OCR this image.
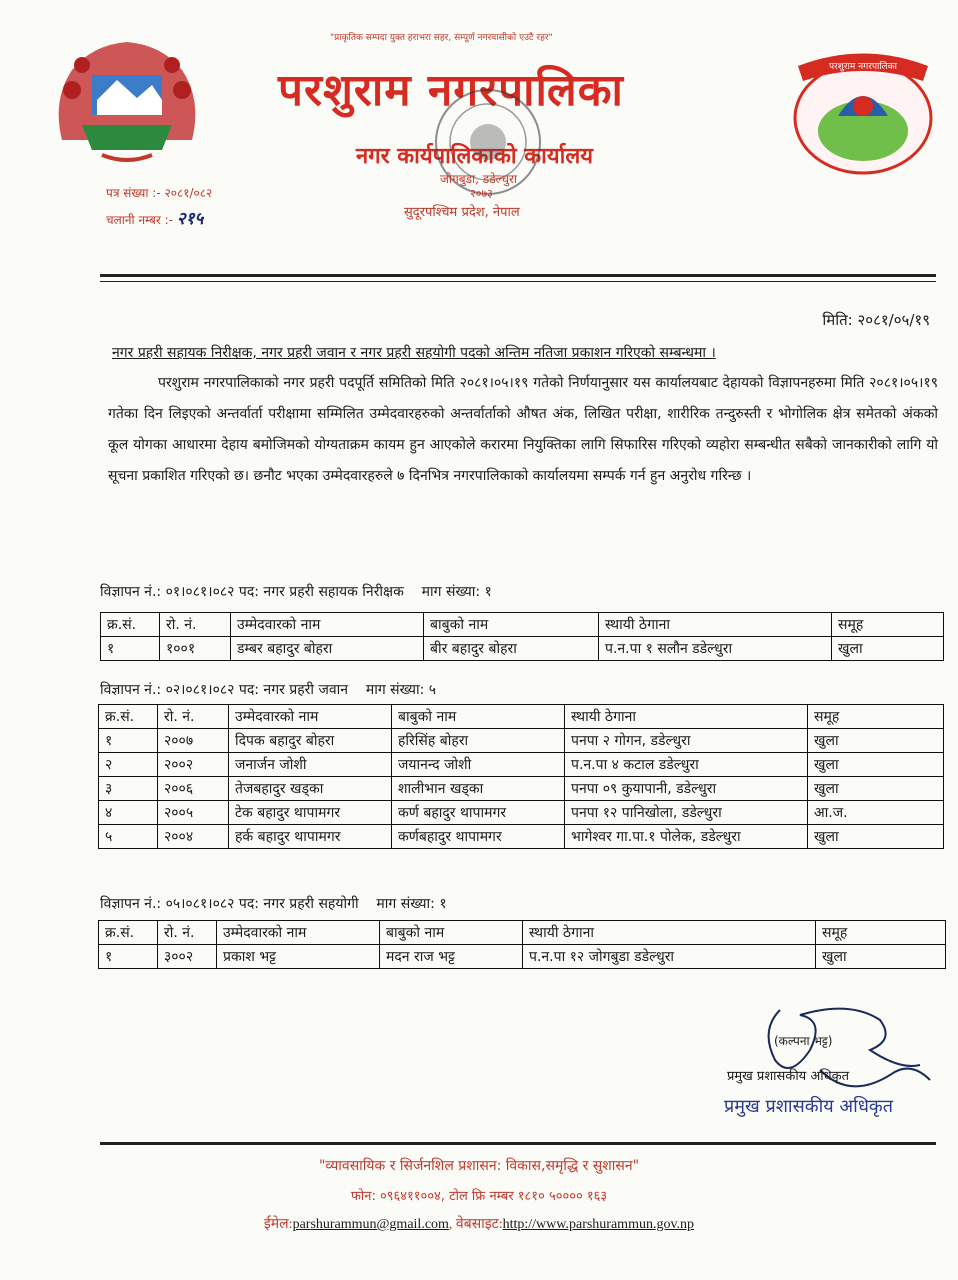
परशुराम नगरपालिका
"प्राकृतिक सम्पदा युक्त हराभरा सहर, सम्पूर्ण नगरवासीको एउटै रहर"
परशुराम नगरपालिका
नगर कार्यपालिकाको कार्यालय
जोगबुडा, डडेल्धुरा
२०७३
सुदूरपश्चिम प्रदेश, नेपाल
पत्र संख्या :- २०८१/०८२
चलानी नम्बर :- २१५
मिति: २०८१/०५/१९
नगर प्रहरी सहायक निरीक्षक, नगर प्रहरी जवान र नगर प्रहरी सहयोगी पदको अन्तिम नतिजा प्रकाशन गरिएको सम्बन्धमा ।
परशुराम नगरपालिकाको नगर प्रहरी पदपूर्ति समितिको मिति २०८१।०५।१९ गतेको निर्णयानुसार यस कार्यालयबाट देहायको विज्ञापनहरुमा मिति २०८१।०५।१९ गतेका दिन लिइएको अन्तर्वार्ता परीक्षामा सम्मिलित उम्मेदवारहरुको अन्तर्वार्ताको औषत अंक, लिखित परीक्षा, शारीरिक तन्दुरुस्ती र भोगोलिक क्षेत्र समेतको अंकको कूल योगका आधारमा देहाय बमोजिमको योग्यताक्रम कायम हुन आएकोले करारमा नियुक्तिका लागि सिफारिस गरिएको व्यहोरा सम्बन्धीत सबैको जानकारीको लागि यो सूचना प्रकाशित गरिएको छ। छनौट भएका उम्मेदवारहरुले ७ दिनभित्र नगरपालिकाको कार्यालयमा सम्पर्क गर्न हुन अनुरोध गरिन्छ ।
विज्ञापन नं.: ०१।०८१।०८२ पद: नगर प्रहरी सहायक निरीक्षक माग संख्या: १
क्र.सं.	रो. नं.	उम्मेदवारको नाम	बाबुको नाम	स्थायी ठेगाना	समूह
१	१००१	डम्बर बहादुर बोहरा	बीर बहादुर बोहरा	प.न.पा १ सलौन डडेल्धुरा	खुला
विज्ञापन नं.: ०२।०८१।०८२ पद: नगर प्रहरी जवान माग संख्या: ५
क्र.सं.	रो. नं.	उम्मेदवारको नाम	बाबुको नाम	स्थायी ठेगाना	समूह
१	२००७	दिपक बहादुर बोहरा	हरिसिंह बोहरा	पनपा २ गोगन, डडेल्धुरा	खुला
२	२००२	जनार्जन जोशी	जयानन्द जोशी	प.न.पा ४ कटाल डडेल्धुरा	खुला
३	२००६	तेजबहादुर खड्का	शालीभान खड्का	पनपा ०९ कुयापानी, डडेल्धुरा	खुला
४	२००५	टेक बहादुर थापामगर	कर्ण बहादुर थापामगर	पनपा १२ पानिखोला, डडेल्धुरा	आ.ज.
५	२००४	हर्क बहादुर थापामगर	कर्णबहादुर थापामगर	भागेश्वर गा.पा.१ पोलेक, डडेल्धुरा	खुला
विज्ञापन नं.: ०५।०८१।०८२ पद: नगर प्रहरी सहयोगी माग संख्या: १
क्र.सं.	रो. नं.	उम्मेदवारको नाम	बाबुको नाम	स्थायी ठेगाना	समूह
१	३००२	प्रकाश भट्ट	मदन राज भट्ट	प.न.पा १२ जोगबुडा डडेल्धुरा	खुला
(कल्पना भट्ट)
प्रमुख प्रशासकीय अधिकृत
प्रमुख प्रशासकीय अधिकृत
"व्यावसायिक र सिर्जनशिल प्रशासन: विकास,समृद्धि र सुशासन"
फोन: ०९६४११००४, टोल फ्रि नम्बर १८१० ५०००० १६३
ईमेल:parshurammun@gmail.com, वेबसाइट:http://www.parshurammun.gov.np
